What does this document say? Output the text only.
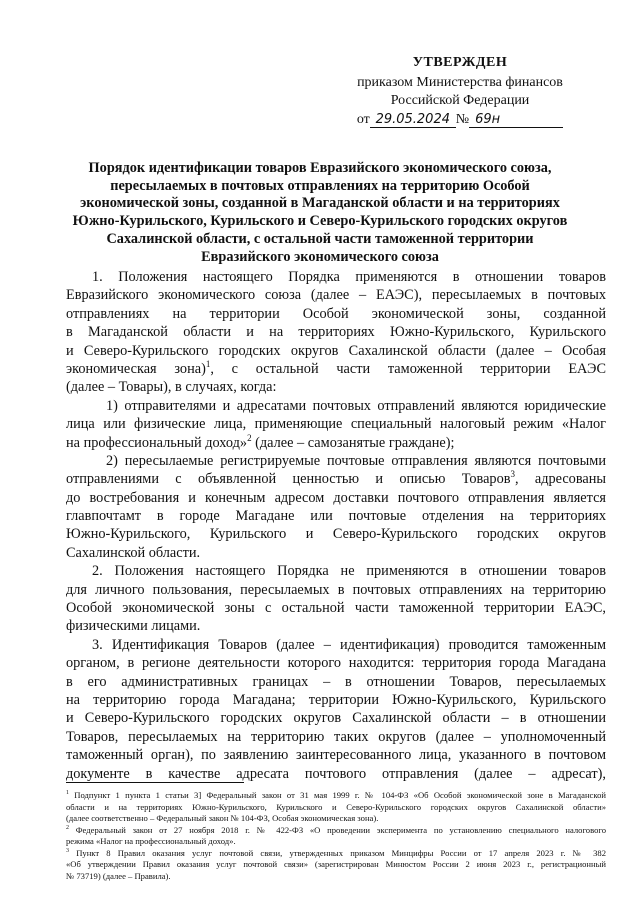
УТВЕРЖДЕН
приказом Министерства финансов
Российской Федерации
от 29.05.2024 № 69н
Порядок идентификации товаров Евразийского экономического союза,
пересылаемых в почтовых отправлениях на территорию Особой
экономической зоны, созданной в Магаданской области и на территориях
Южно-Курильского, Курильского и Северо-Курильского городских округов
Сахалинской области, с остальной части таможенной территории
Евразийского экономического союза
1. Положения настоящего Порядка применяются в отношении товаров
Евразийского экономического союза (далее – ЕАЭС), пересылаемых в почтовых
отправлениях на территории Особой экономической зоны, созданной
в Магаданской области и на территориях Южно-Курильского, Курильского
и Северо-Курильского городских округов Сахалинской области (далее – Особая
экономическая зона)$^1$, с остальной части таможенной территории ЕАЭС
(далее – Товары), в случаях, когда:
1) отправителями и адресатами почтовых отправлений являются юридические
лица или физические лица, применяющие специальный налоговый режим «Налог
на профессиональный доход»$^2$ (далее – самозанятые граждане);
2) пересылаемые регистрируемые почтовые отправления являются почтовыми
отправлениями с объявленной ценностью и описью Товаров$^3$, адресованы
до востребования и конечным адресом доставки почтового отправления является
главпочтамт в городе Магадане или почтовые отделения на территориях
Южно-Курильского, Курильского и Северо-Курильского городских округов
Сахалинской области.
2. Положения настоящего Порядка не применяются в отношении товаров
для личного пользования, пересылаемых в почтовых отправлениях на территорию
Особой экономической зоны с остальной части таможенной территории ЕАЭС,
физическими лицами.
3. Идентификация Товаров (далее – идентификация) проводится таможенным
органом, в регионе деятельности которого находится: территория города Магадана
в его административных границах – в отношении Товаров, пересылаемых
на территорию города Магадана; территории Южно-Курильского, Курильского
и Северо-Курильского городских округов Сахалинской области – в отношении
Товаров, пересылаемых на территорию таких округов (далее – уполномоченный
таможенный орган), по заявлению заинтересованного лица, указанного в почтовом
документе в качестве адресата почтового отправления (далее – адресат),
$^1$ Подпункт 1 пункта 1 статьи 3] Федеральный закон от 31 мая 1999 г. № 104-ФЗ «Об Особой экономической зоне в Магаданской
области и на территориях Южно-Курильского, Курильского и Северо-Курильского городских округов Сахалинской области»
(далее соответственно – Федеральный закон № 104-ФЗ, Особая экономическая зона).
$^2$ Федеральный закон от 27 ноября 2018 г. № 422-ФЗ «О проведении эксперимента по установлению специального налогового
режима «Налог на профессиональный доход».
$^3$ Пункт 8 Правил оказания услуг почтовой связи, утвержденных приказом Минцифры России от 17 апреля 2023 г. № 382
«Об утверждении Правил оказания услуг почтовой связи» (зарегистрирован Минюстом России 2 июня 2023 г., регистрационный
№ 73719) (далее – Правила).
